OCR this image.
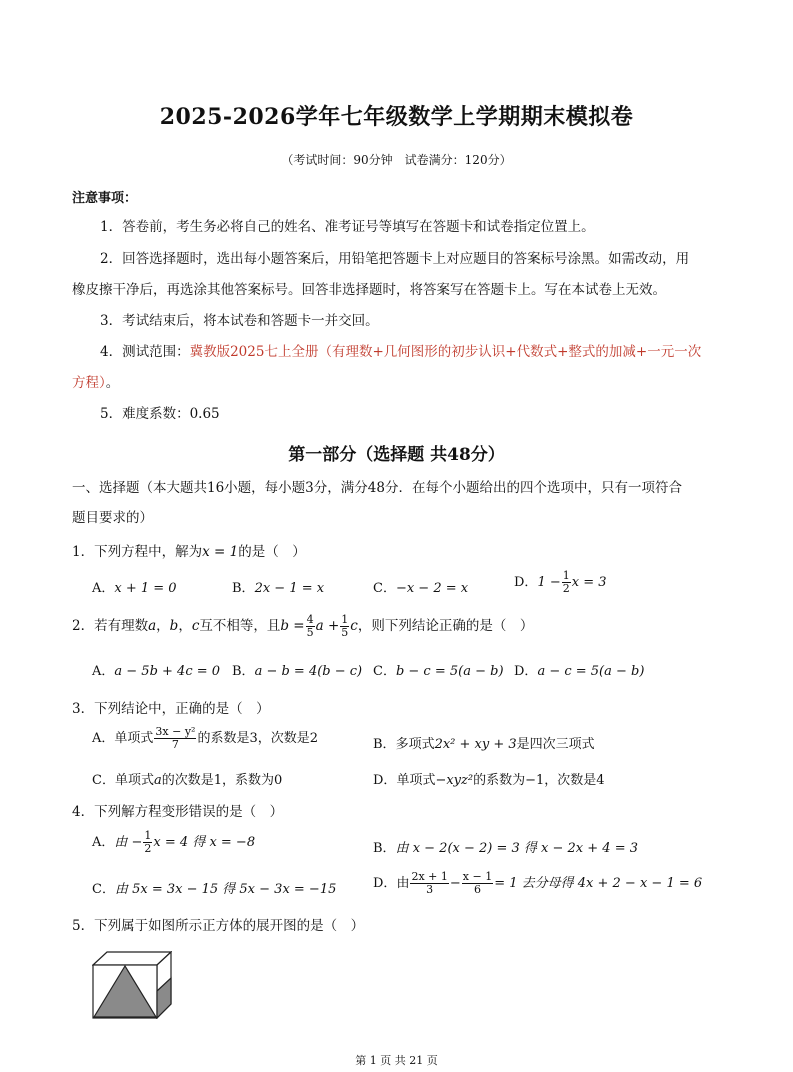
2025-2026学年七年级数学上学期期末模拟卷
（考试时间：90分钟　试卷满分：120分）
注意事项：
1．答卷前，考生务必将自己的姓名、准考证号等填写在答题卡和试卷指定位置上。
2．回答选择题时，选出每小题答案后，用铅笔把答题卡上对应题目的答案标号涂黑。如需改动，用
橡皮擦干净后，再选涂其他答案标号。回答非选择题时，将答案写在答题卡上。写在本试卷上无效。
3．考试结束后，将本试卷和答题卡一并交回。
4．测试范围：冀教版2025七上全册（有理数+几何图形的初步认识+代数式+整式的加减+一元一次
方程）。
5．难度系数：0.65
第一部分（选择题 共48分）
一、选择题（本大题共16小题，每小题3分，满分48分．在每个小题给出的四个选项中，只有一项符合
题目要求的）
1．下列方程中，解为x = 1的是（　）
A．x + 1 = 0	B．2x − 1 = x	C．−x − 2 = x	D．$1 - \frac{1}{2}$ x = 3
2．若有理数a，b，c互不相等，且$b = \frac{4}{5}$ $a + \frac{1}{5}$ c，则下列结论正确的是（　）
A．a − 5b + 4c = 0 B．a − b = 4(b − c) C．b − c = 5(a − b) D．a − c = 5(a − b)
3．下列结论中，正确的是（　）
A．单项式 $\frac{\text{3x − y²}}{7}$ 的系数是3，次数是2	B．多项式2x² + xy + 3是四次三项式
C．单项式a的次数是1，系数为0	D．单项式−xyz²的系数为−1，次数是4
4．下列解方程变形错误的是（　）
A．由 − $\frac{1}{2}$ x = 4 得 x = −8	B．由 x − 2(x − 2) = 3 得 x − 2x + 4 = 3
C．由 5x = 3x − 15 得 5x − 3x = −15	D．由 $\frac{2x + 1}{3} - \frac{x - 1}{6} = 1$ 去分母得 4x + 2 − x − 1 = 6
5．下列属于如图所示正方体的展开图的是（　）
第 1 页 共 21 页
